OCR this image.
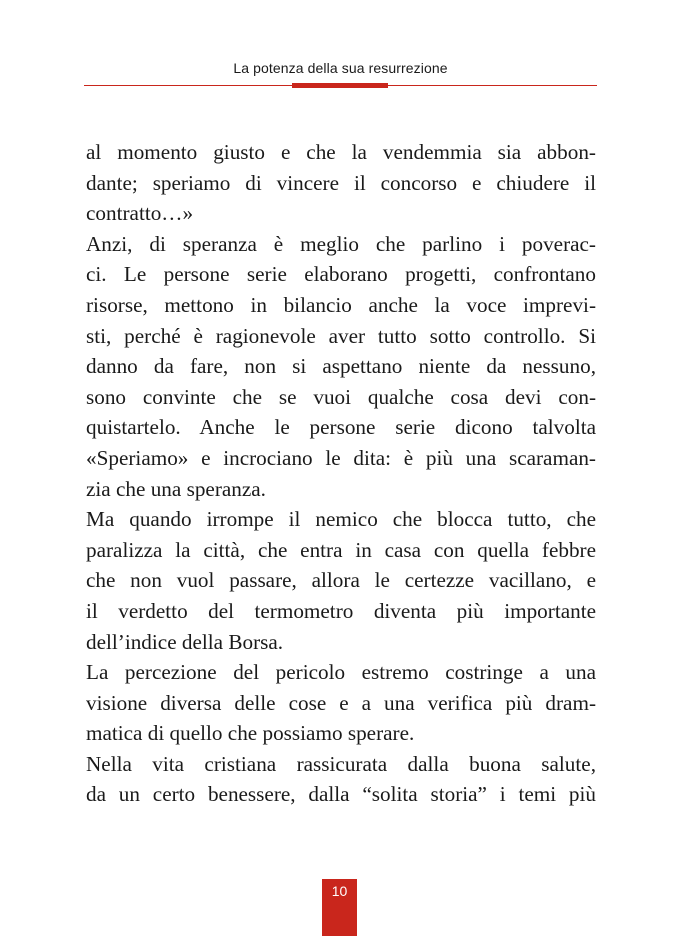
La potenza della sua resurrezione
al momento giusto e che la vendemmia sia abbon-
dante; speriamo di vincere il concorso e chiudere il
contratto…»
Anzi, di speranza è meglio che parlino i poverac-
ci. Le persone serie elaborano progetti, confrontano
risorse, mettono in bilancio anche la voce imprevi-
sti, perché è ragionevole aver tutto sotto controllo. Si
danno da fare, non si aspettano niente da nessuno,
sono convinte che se vuoi qualche cosa devi con-
quistartelo. Anche le persone serie dicono talvolta
«Speriamo» e incrociano le dita: è più una scaraman-
zia che una speranza.
Ma quando irrompe il nemico che blocca tutto, che
paralizza la città, che entra in casa con quella febbre
che non vuol passare, allora le certezze vacillano, e
il verdetto del termometro diventa più importante
dell’indice della Borsa.
La percezione del pericolo estremo costringe a una
visione diversa delle cose e a una verifica più dram-
matica di quello che possiamo sperare.
Nella vita cristiana rassicurata dalla buona salute,
da un certo benessere, dalla “solita storia” i temi più
10
